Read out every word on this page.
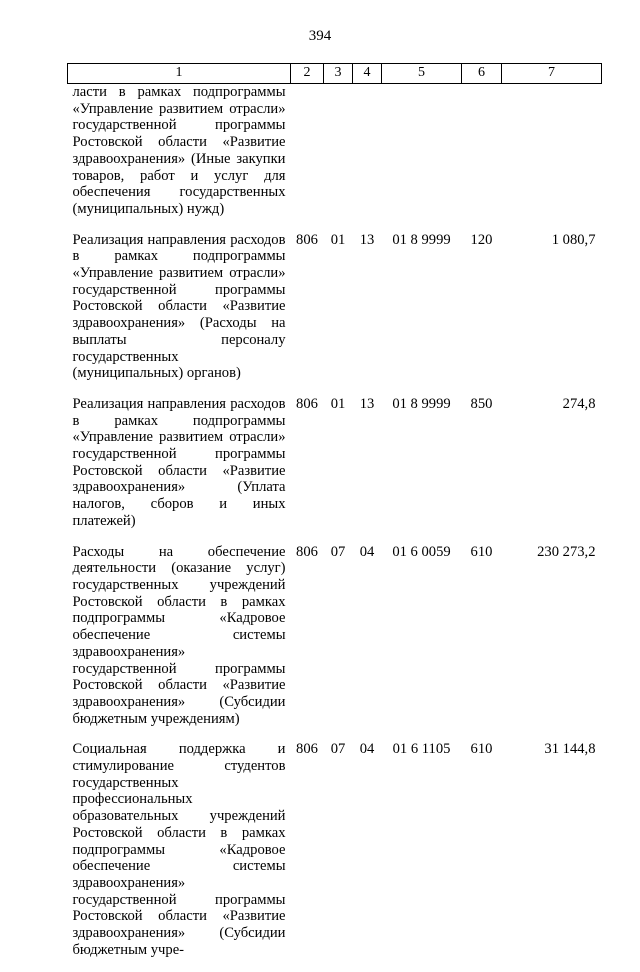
394
1	2	3	4	5	6	7
ласти в рамках подпрограммы «Управление развитием отрасли» государственной программы Ростовской области «Развитие здравоохранения» (Иные закупки товаров, работ и услуг для обеспечения государственных (муниципальных) нужд)						
Реализация направления расходов в рамках подпрограммы «Управление развитием отрасли» государственной программы Ростовской области «Развитие здравоохранения» (Расходы на выплаты персоналу государственных (муниципальных) органов)	806	01	13	01 8 9999	120	1 080,7
Реализация направления расходов в рамках подпрограммы «Управление развитием отрасли» государственной программы Ростовской области «Развитие здравоохранения» (Уплата налогов, сборов и иных платежей)	806	01	13	01 8 9999	850	274,8
Расходы на обеспечение деятельности (оказание услуг) государственных учреждений Ростовской области в рамках подпрограммы «Кадровое обеспечение системы здравоохранения» государственной программы Ростовской области «Развитие здравоохранения» (Субсидии бюджетным учреждениям)	806	07	04	01 6 0059	610	230 273,2
Социальная поддержка и стимулирование студентов государственных профессиональных образовательных учреждений Ростовской области в рамках подпрограммы «Кадровое обеспечение системы здравоохранения» государственной программы Ростовской области «Развитие здравоохранения» (Субсидии бюджетным учре-	806	07	04	01 6 1105	610	31 144,8
